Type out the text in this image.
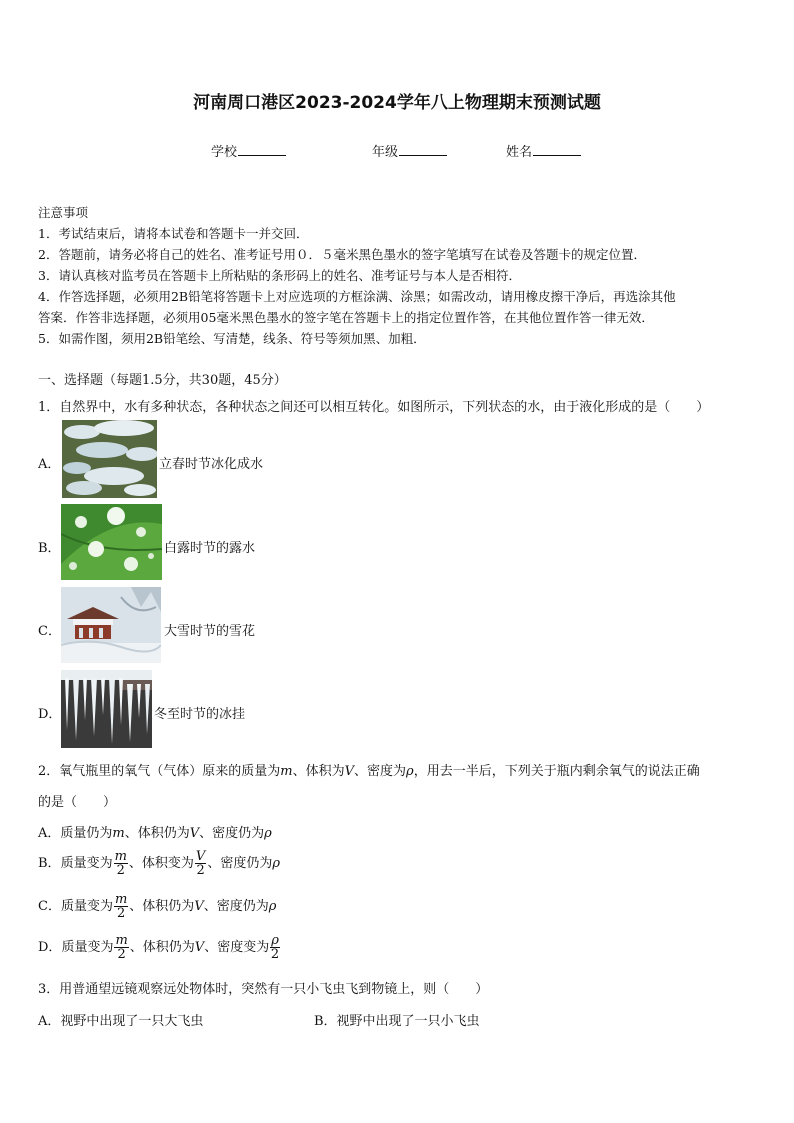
河南周口港区2023-2024学年八上物理期末预测试题
学校	年级	姓名
注意事项
1．考试结束后，请将本试卷和答题卡一并交回．
2．答题前，请务必将自己的姓名、准考证号用０．５毫米黑色墨水的签字笔填写在试卷及答题卡的规定位置．
3．请认真核对监考员在答题卡上所粘贴的条形码上的姓名、准考证号与本人是否相符．
4．作答选择题，必须用2B铅笔将答题卡上对应选项的方框涂满、涂黑；如需改动，请用橡皮擦干净后，再选涂其他
答案．作答非选择题，必须用05毫米黑色墨水的签字笔在答题卡上的指定位置作答，在其他位置作答一律无效．
5．如需作图，须用2B铅笔绘、写清楚，线条、符号等须加黑、加粗．
一、选择题（每题1.5分，共30题，45分）
1．自然界中，水有多种状态，各种状态之间还可以相互转化。如图所示，下列状态的水，由于液化形成的是（　　）
A．	立春时节冰化成水
B．	白露时节的露水
C．	大雪时节的雪花
D．	冬至时节的冰挂
2．氧气瓶里的氧气（气体）原来的质量为m、体积为V、密度为ρ，用去一半后，下列关于瓶内剩余氧气的说法正确
的是（　　）
A．质量仍为m、体积仍为V、密度仍为ρ
B．质量变为 $\frac{m}{2}$ 、体积变为 $\frac{V}{2}$ 、密度仍为ρ
C．质量变为 $\frac{m}{2}$ 、体积仍为V、密度仍为ρ
D．质量变为 $\frac{m}{2}$ 、体积仍为V、密度变为 $\frac{\rho}{2}$
3．用普通望远镜观察远处物体时，突然有一只小飞虫飞到物镜上，则（　　）
A．视野中出现了一只大飞虫	B．视野中出现了一只小飞虫
